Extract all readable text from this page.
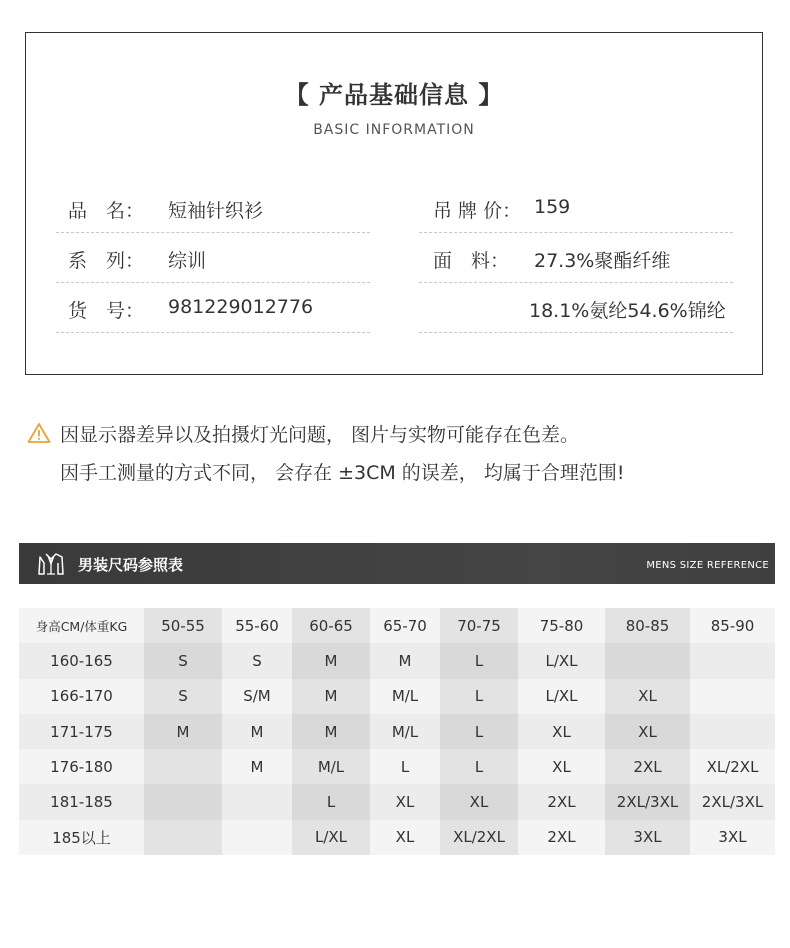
【 产品基础信息 】
BASIC INFORMATION
品　名： 短袖针织衫
系　列： 综训
货　号： 981229012776
吊 牌 价： 159
面　料： 27.3%聚酯纤维
18.1%氨纶54.6%锦纶
因显示器差异以及拍摄灯光问题， 图片与实物可能存在色差。
因手工测量的方式不同， 会存在 ±3CM 的误差， 均属于合理范围!
男装尺码参照表	MENS SIZE REFERENCE
身高CM/体重KG	50-55	55-60	60-65	65-70	70-75	75-80	80-85	85-90
160-165	S	S	M	M	L	L/XL		
166-170	S	S/M	M	M/L	L	L/XL	XL	
171-175	M	M	M	M/L	L	XL	XL	
176-180		M	M/L	L	L	XL	2XL	XL/2XL
181-185			L	XL	XL	2XL	2XL/3XL	2XL/3XL
185以上			L/XL	XL	XL/2XL	2XL	3XL	3XL
